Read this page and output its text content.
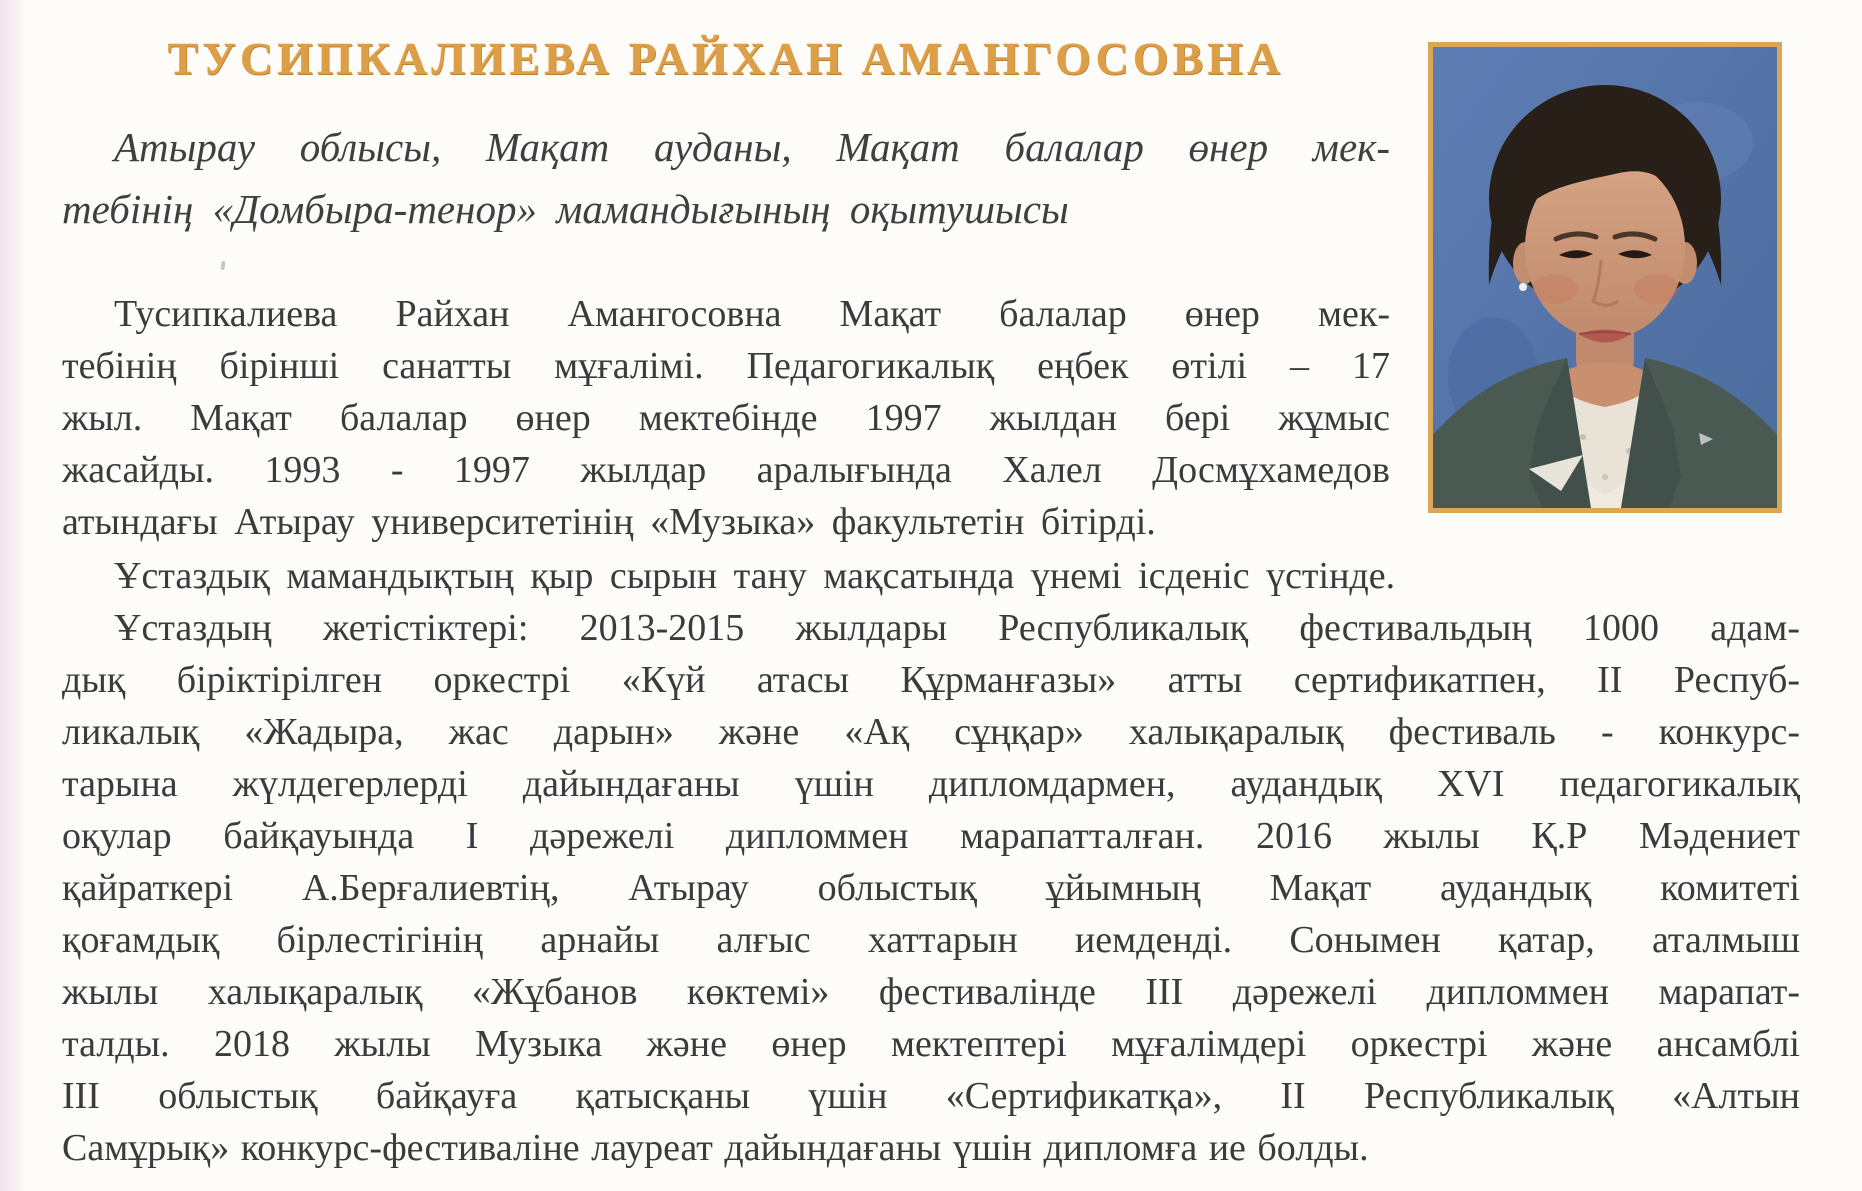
ТУСИПКАЛИЕВА РАЙХАН АМАНГОСОВНА
Атырау облысы, Мақат ауданы, Мақат балалар өнер мек-
тебінің «Домбыра-тенор» мамандығының оқытушысы
Тусипкалиева Райхан Амангосовна Мақат балалар өнер мек-
тебінің бірінші санатты мұғалімі. Педагогикалық еңбек өтілі – 17
жыл. Мақат балалар өнер мектебінде 1997 жылдан бері жұмыс
жасайды. 1993 - 1997 жылдар аралығында Халел Досмұхамедов
атындағы Атырау университетінің «Музыка» факультетін бітірді.
Ұстаздық мамандықтың қыр сырын тану мақсатында үнемі ісденіс үстінде.
Ұстаздың жетістіктері: 2013-2015 жылдары Республикалық фестивальдың 1000 адам-
дық біріктірілген оркестрі «Күй атасы Құрманғазы» атты сертификатпен, ІІ Респуб-
ликалық «Жадыра, жас дарын» және «Ақ сұңқар» халықаралық фестиваль - конкурс-
тарына жүлдегерлерді дайындағаны үшін дипломдармен, аудандық XVI педагогикалық
оқулар байқауында І дәрежелі дипломмен марапатталған. 2016 жылы Қ.Р Мәдениет
қайраткері А.Берғалиевтің, Атырау облыстық ұйымның Мақат аудандық комитеті
қоғамдық бірлестігінің арнайы алғыс хаттарын иемденді. Сонымен қатар, аталмыш
жылы халықаралық «Жұбанов көктемі» фестивалінде ІІІ дәрежелі дипломмен марапат-
талды. 2018 жылы Музыка және өнер мектептері мұғалімдері оркестрі және ансамблі
ІІІ облыстық байқауға қатысқаны үшін «Сертификатқа», ІІ Республикалық «Алтын
Самұрық» конкурс-фестиваліне лауреат дайындағаны үшін дипломға ие болды.
